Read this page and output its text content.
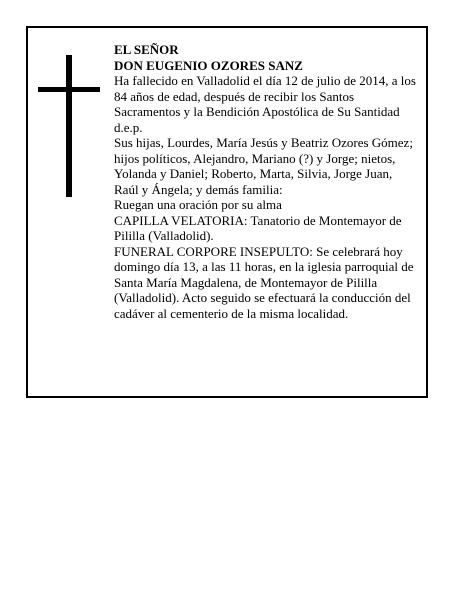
EL SEÑOR

DON EUGENIO OZORES SANZ

Ha fallecido en Valladolid el día 12 de julio de 2014, a los 84 años de edad, después de recibir los Santos Sacramentos y la Bendición Apostólica de Su Santidad d.e.p.

Sus hijas, Lourdes, María Jesús y Beatriz Ozores Gómez; hijos políticos, Alejandro, Mariano (?) y Jorge; nietos, Yolanda y Daniel; Roberto, Marta, Silvia, Jorge Juan, Raúl y Ángela; y demás familia:

Ruegan una oración por su alma

CAPILLA VELATORIA: Tanatorio de Montemayor de Pililla (Valladolid).

FUNERAL CORPORE INSEPULTO: Se celebrará hoy domingo día 13, a las 11 horas, en la iglesia parroquial de Santa María Magdalena, de Montemayor de Pililla (Valladolid). Acto seguido se efectuará la conducción del cadáver al cementerio de la misma localidad.
